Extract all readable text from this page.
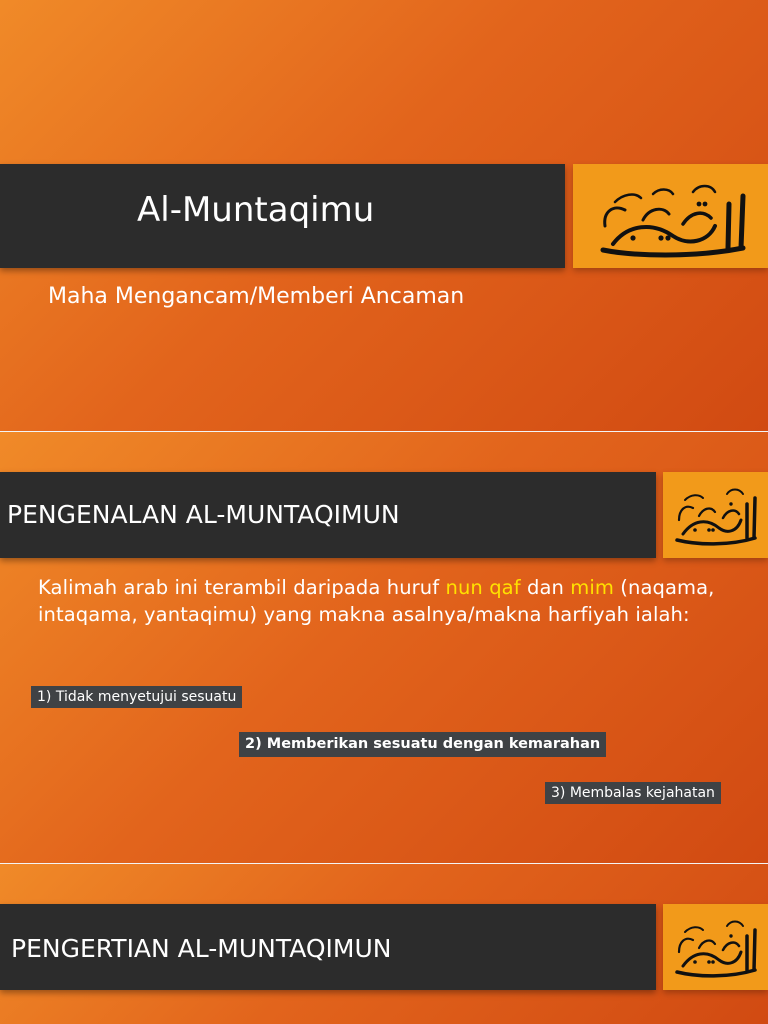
Al-Muntaqimu
Maha Mengancam/Memberi Ancaman
PENGENALAN AL-MUNTAQIMUN
Kalimah arab ini terambil daripada huruf nun qaf dan mim (naqama, intaqama, yantaqimu) yang makna asalnya/makna harfiyah ialah:
1) Tidak menyetujui sesuatu
2) Memberikan sesuatu dengan kemarahan
3) Membalas kejahatan
PENGERTIAN AL-MUNTAQIMUN
